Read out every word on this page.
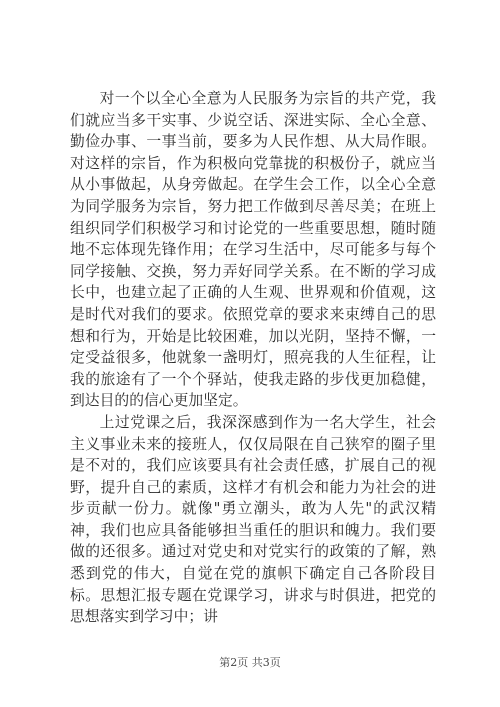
对一个以全心全意为人民服务为宗旨的共产党，我们就应当多干实事、少说空话、深进实际、全心全意、勤俭办事、一事当前，要多为人民作想、从大局作眼。对这样的宗旨，作为积极向党靠拢的积极份子，就应当从小事做起，从身旁做起。在学生会工作，以全心全意为同学服务为宗旨，努力把工作做到尽善尽美；在班上组织同学们积极学习和讨论党的一些重要思想，随时随地不忘体现先锋作用；在学习生活中，尽可能多与每个同学接触、交换，努力弄好同学关系。在不断的学习成长中，也建立起了正确的人生观、世界观和价值观，这是时代对我们的要求。依照党章的要求来束缚自己的思想和行为，开始是比较困难，加以光阴，坚持不懈，一定受益很多，他就象一盏明灯，照亮我的人生征程，让我的旅途有了一个个驿站，使我走路的步伐更加稳健，到达目的的信心更加坚定。

上过党课之后，我深深感到作为一名大学生，社会主义事业未来的接班人，仅仅局限在自己狭窄的圈子里是不对的，我们应该要具有社会责任感，扩展自己的视野，提升自己的素质，这样才有机会和能力为社会的进步贡献一份力。就像"勇立潮头，敢为人先"的武汉精神，我们也应具备能够担当重任的胆识和魄力。我们要做的还很多。通过对党史和对党实行的政策的了解，熟悉到党的伟大，自觉在党的旗帜下确定自己各阶段目标。思想汇报专题在党课学习，讲求与时俱进，把党的思想落实到学习中；讲

第2页 共3页
